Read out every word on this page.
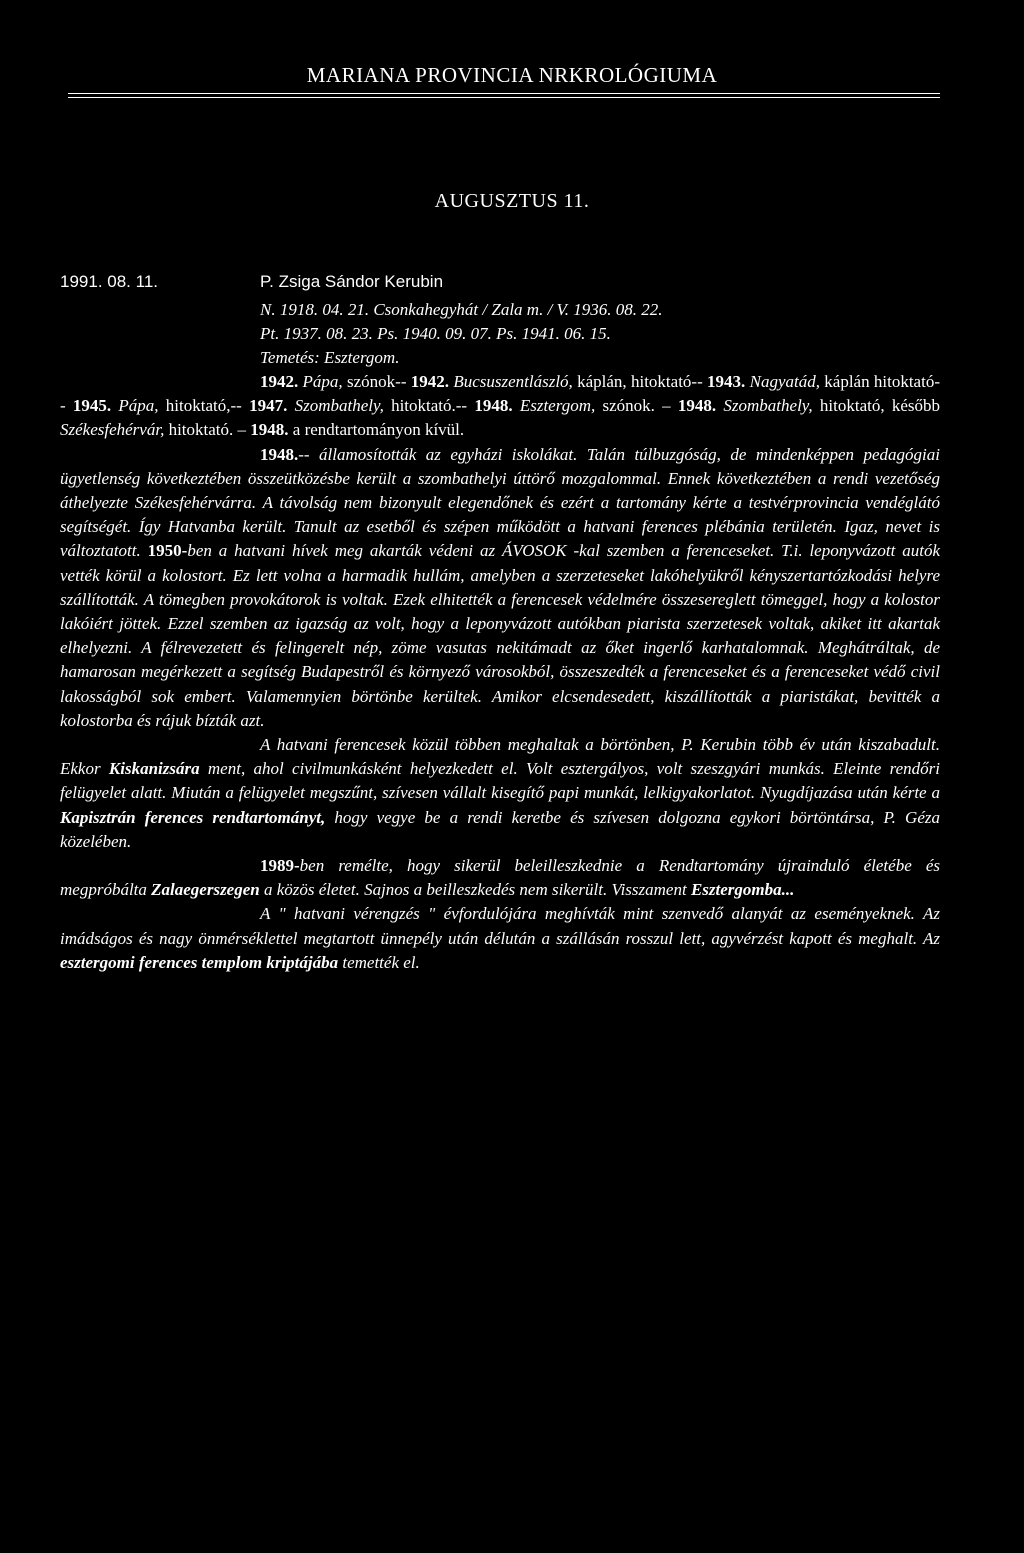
MARIANA PROVINCIA NRKROLÓGIUMA
AUGUSZTUS 11.
1991. 08. 11.	P. Zsiga Sándor Kerubin
N. 1918. 04. 21. Csonkahegyhát / Zala m. / V. 1936. 08. 22.
Pt. 1937. 08. 23. Ps. 1940. 09. 07. Ps. 1941. 06. 15.
Temetés: Esztergom.

1942. Pápa, szónok-- 1942. Bucsuszentlászló, káplán, hitoktató-- 1943. Nagyatád, káplán hitoktató-- 1945. Pápa, hitoktató,-- 1947. Szombathely, hitoktató.-- 1948. Esztergom, szónok. – 1948. Szombathely, hitoktató, később Székesfehérvár, hitoktató. – 1948. a rendtartományon kívül.

1948.-- államosították az egyházi iskolákat. Talán túlbuzgóság, de mindenképpen pedagógiai ügyetlenség következtében összeütközésbe került a szombathelyi úttörő mozgalommal. Ennek következtében a rendi vezetőség áthelyezte Székesfehérvárra. A távolság nem bizonyult elegendőnek és ezért a tartomány kérte a testvérprovincia vendéglátó segítségét. Így Hatvanba került. Tanult az esetből és szépen működött a hatvani ferences plébánia területén. Igaz, nevet is változtatott. 1950-ben a hatvani hívek meg akarták védeni az ÁVOSOK -kal szemben a ferenceseket. T.i. leponyvázott autók vették körül a kolostort. Ez lett volna a harmadik hullám, amelyben a szerzeteseket lakóhelyükről kényszertartózkodási helyre szállították. A tömegben provokátorok is voltak. Ezek elhitették a ferencesek védelmére összesereglett tömeggel, hogy a kolostor lakóiért jöttek. Ezzel szemben az igazság az volt, hogy a leponyvázott autókban piarista szerzetesek voltak, akiket itt akartak elhelyezni. A félrevezetett és felingerelt nép, zöme vasutas nekitámadt az őket ingerlő karhatalomnak. Meghátráltak, de hamarosan megérkezett a segítség Budapestről és környező városokból, összeszedték a ferenceseket és a ferenceseket védő civil lakosságból sok embert. Valamennyien börtönbe kerültek. Amikor elcsendesedett, kiszállították a piaristákat, bevitték a kolostorba és rájuk bízták azt.

A hatvani ferencesek közül többen meghaltak a börtönben, P. Kerubin több év után kiszabadult. Ekkor Kiskanizsára ment, ahol civilmunkásként helyezkedett el. Volt esztergályos, volt szeszgyári munkás. Eleinte rendőri felügyelet alatt. Miután a felügyelet megszűnt, szívesen vállalt kisegítő papi munkát, lelkigyakorlatot. Nyugdíjazása után kérte a Kapisztrán ferences rendtartományt, hogy vegye be a rendi keretbe és szívesen dolgozna egykori börtöntársa, P. Géza közelében.

1989-ben remélte, hogy sikerül beleilleszkednie a Rendtartomány újrainduló életébe és megpróbálta Zalaegerszegen a közös életet. Sajnos a beilleszkedés nem sikerült. Visszament Esztergomba...

A " hatvani vérengzés " évfordulójára meghívták mint szenvedő alanyát az eseményeknek. Az imádságos és nagy önmérséklettel megtartott ünnepély után délután a szállásán rosszul lett, agyvérzést kapott és meghalt. Az esztergomi ferences templom kriptájába temették el.
